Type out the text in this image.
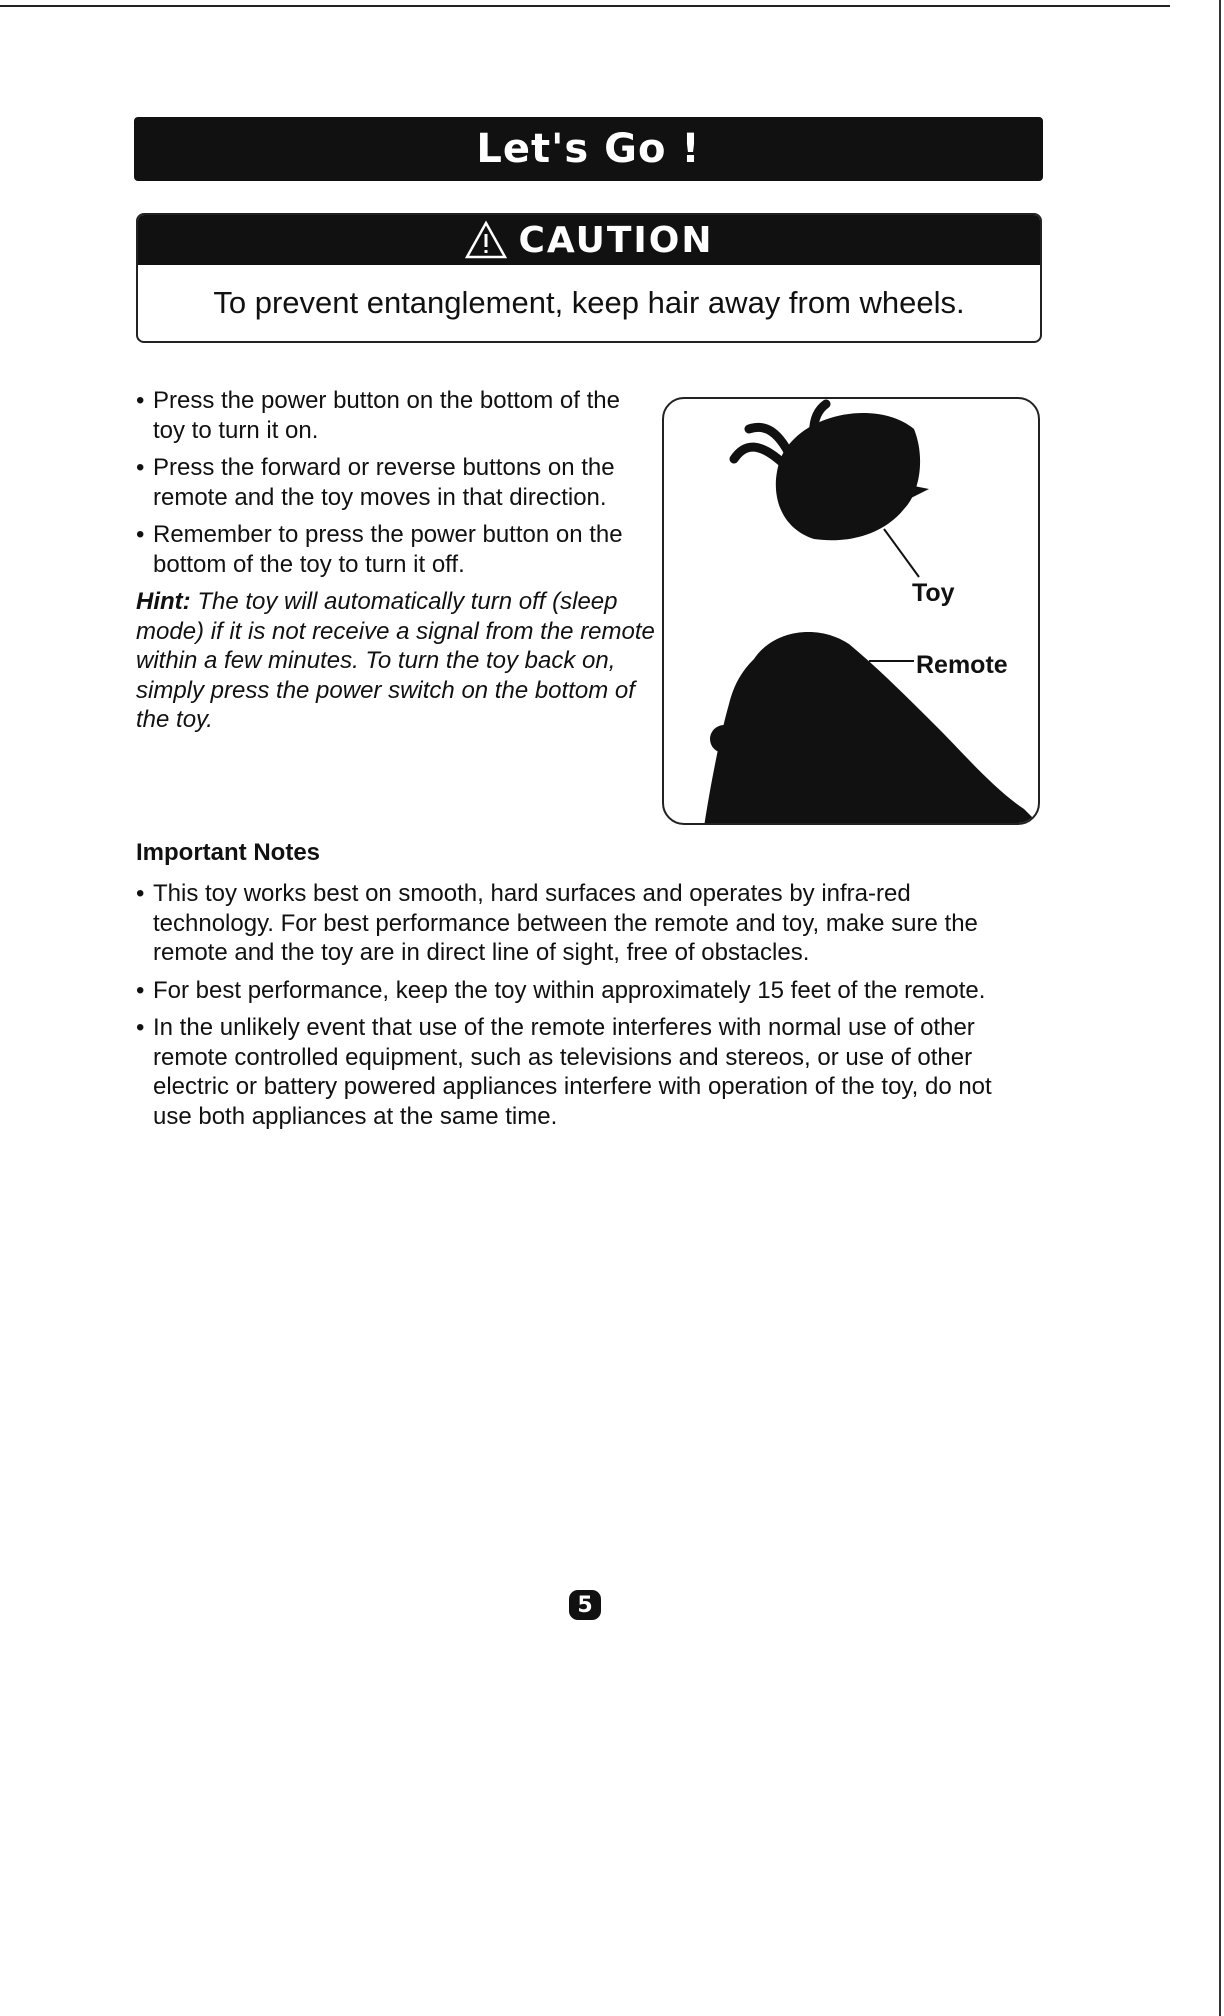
Let's Go !
CAUTION
To prevent entanglement, keep hair away from wheels.
• Press the power button on the bottom of the toy to turn it on.
• Press the forward or reverse buttons on the remote and the toy moves in that direction.
• Remember to press the power button on the bottom of the toy to turn it off.
Hint: The toy will automatically turn off (sleep mode) if it is not receive a signal from the remote within a few minutes. To turn the toy back on, simply press the power switch on the bottom of the toy.
Toy
Remote
Important Notes
• This toy works best on smooth, hard surfaces and operates by infra-red technology. For best performance between the remote and toy, make sure the remote and the toy are in direct line of sight, free of obstacles.
• For best performance, keep the toy within approximately 15 feet of the remote.
• In the unlikely event that use of the remote interferes with normal use of other remote controlled equipment, such as televisions and stereos, or use of other electric or battery powered appliances interfere with operation of the toy, do not use both appliances at the same time.
5
